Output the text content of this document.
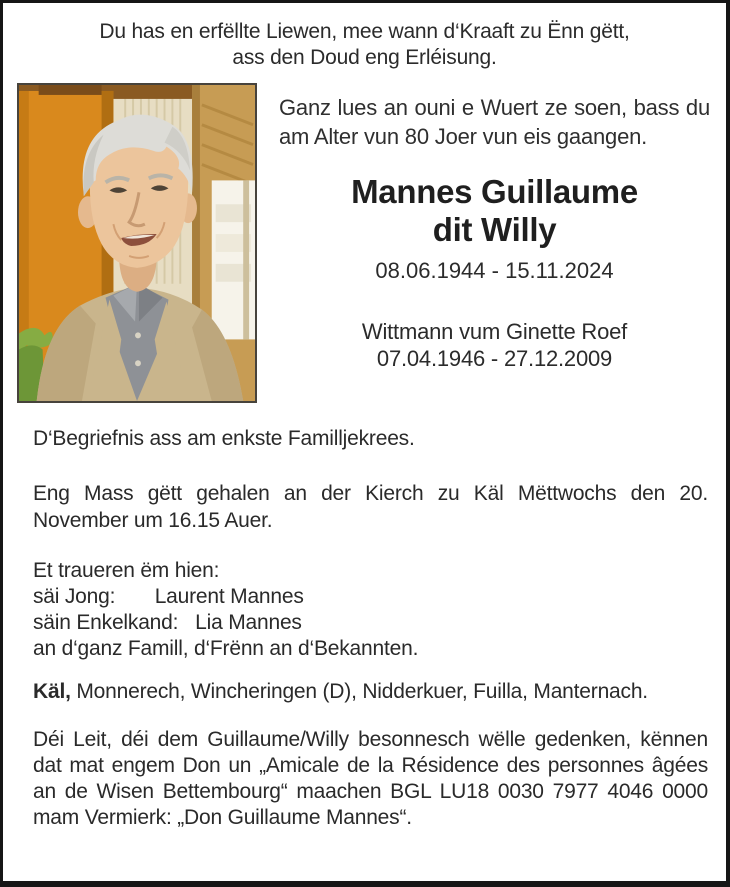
Du has en erfëllte Liewen, mee wann d‘Kraaft zu Ënn gëtt,
ass den Doud eng Erléisung.
Ganz lues an ouni e Wuert ze soen, bass du am Alter vun 80 Joer vun eis gaangen.
Mannes Guillaume
dit Willy
08.06.1944 - 15.11.2024
Wittmann vum Ginette Roef
07.04.1946 - 27.12.2009
D‘Begriefnis ass am enkste Familljekrees.
Eng Mass gëtt gehalen an der Kierch zu Käl Mëttwochs den 20. November um 16.15 Auer.
Et traueren ëm hien:
säi Jong:       Laurent Mannes
säin Enkelkand:   Lia Mannes
an d‘ganz Famill, d‘Frënn an d‘Bekannten.
Käl, Monnerech, Wincheringen (D), Nidderkuer, Fuilla, Manternach.
Déi Leit, déi dem Guillaume/Willy besonnesch wëlle gedenken, kënnen dat mat engem Don un „Amicale de la Résidence des personnes âgées an de Wisen Bettembourg“ maachen BGL LU18 0030 7977 4046 0000 mam Vermierk: „Don Guillaume Mannes“.
